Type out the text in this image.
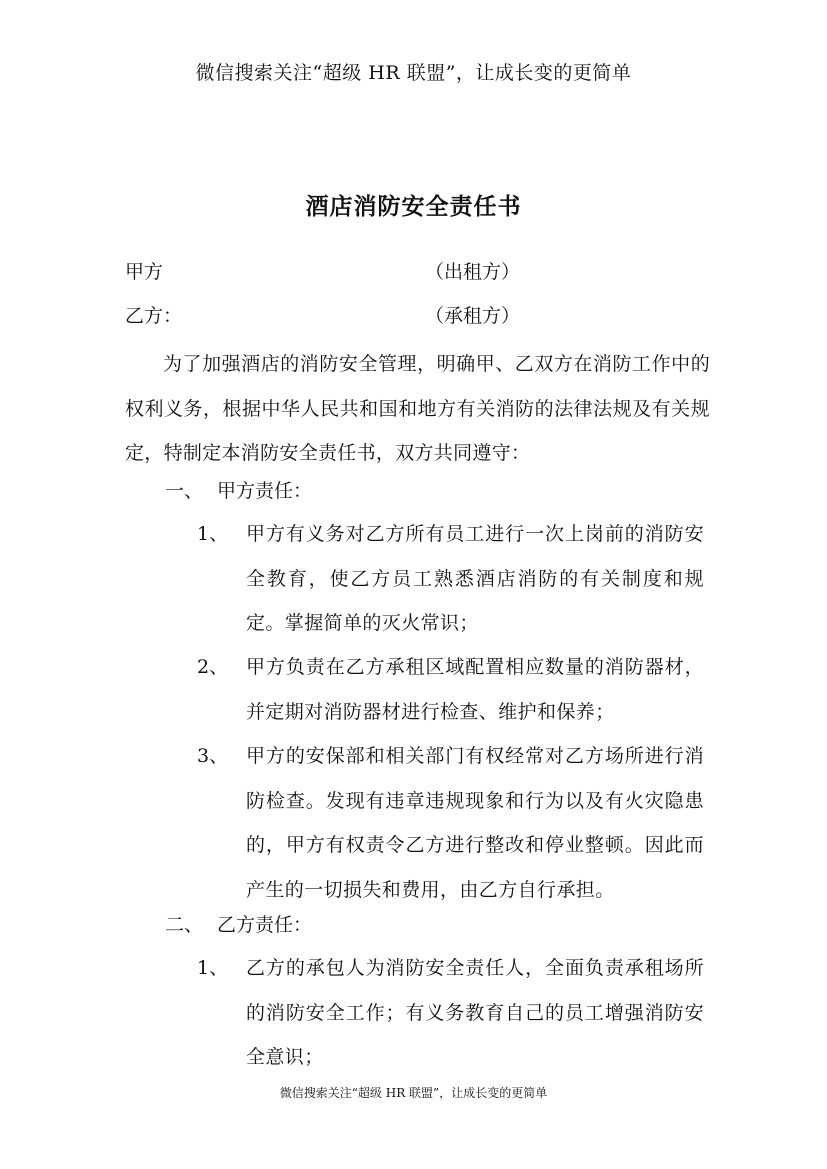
微信搜索关注“超级 HR 联盟”，让成长变的更简单
酒店消防安全责任书
甲方	（出租方）
乙方：	（承租方）
为了加强酒店的消防安全管理，明确甲、乙双方在消防工作中的权利义务，根据中华人民共和国和地方有关消防的法律法规及有关规定，特制定本消防安全责任书，双方共同遵守：
一、 甲方责任：
1、 甲方有义务对乙方所有员工进行一次上岗前的消防安全教育，使乙方员工熟悉酒店消防的有关制度和规定。掌握简单的灭火常识；
2、 甲方负责在乙方承租区域配置相应数量的消防器材，并定期对消防器材进行检查、维护和保养；
3、 甲方的安保部和相关部门有权经常对乙方场所进行消防检查。发现有违章违规现象和行为以及有火灾隐患的，甲方有权责令乙方进行整改和停业整顿。因此而产生的一切损失和费用，由乙方自行承担。
二、 乙方责任：
1、 乙方的承包人为消防安全责任人，全面负责承租场所的消防安全工作；有义务教育自己的员工增强消防安全意识；
微信搜索关注“超级 HR 联盟”，让成长变的更简单
